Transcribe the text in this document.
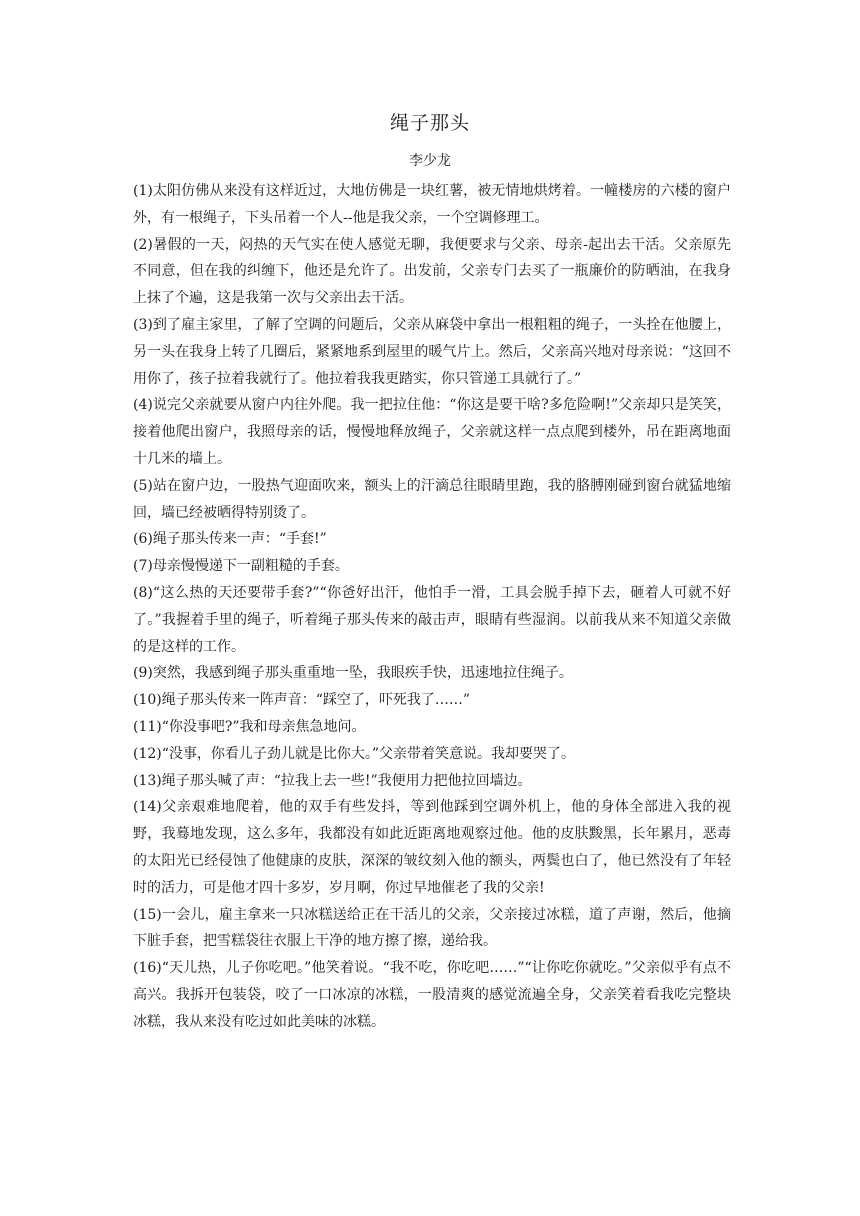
绳子那头
李少龙

(1)太阳仿佛从来没有这样近过，大地仿佛是一块红薯，被无情地烘烤着。一幢楼房的六楼的窗户外，有一根绳子，下头吊着一个人--他是我父亲，一个空调修理工。

(2)暑假的一天，闷热的天气实在使人感觉无聊，我便要求与父亲、母亲-起出去干活。父亲原先不同意，但在我的纠缠下，他还是允许了。出发前，父亲专门去买了一瓶廉价的防晒油，在我身上抹了个遍，这是我第一次与父亲出去干活。

(3)到了雇主家里，了解了空调的问题后，父亲从麻袋中拿出一根粗粗的绳子，一头拴在他腰上，另一头在我身上转了几圈后，紧紧地系到屋里的暖气片上。然后，父亲高兴地对母亲说：“这回不用你了，孩子拉着我就行了。他拉着我我更踏实，你只管递工具就行了。”

(4)说完父亲就要从窗户内往外爬。我一把拉住他：“你这是要干啥?多危险啊!”父亲却只是笑笑，接着他爬出窗户，我照母亲的话，慢慢地释放绳子，父亲就这样一点点爬到楼外，吊在距离地面十几米的墙上。

(5)站在窗户边，一股热气迎面吹来，额头上的汗滴总往眼睛里跑，我的胳膊刚碰到窗台就猛地缩回，墙已经被晒得特别烫了。

(6)绳子那头传来一声：“手套!”

(7)母亲慢慢递下一副粗糙的手套。

(8)“这么热的天还要带手套?”“你爸好出汗，他怕手一滑，工具会脱手掉下去，砸着人可就不好了。”我握着手里的绳子，听着绳子那头传来的敲击声，眼睛有些湿润。以前我从来不知道父亲做的是这样的工作。

(9)突然，我感到绳子那头重重地一坠，我眼疾手快，迅速地拉住绳子。

(10)绳子那头传来一阵声音：“踩空了，吓死我了……”

(11)“你没事吧?”我和母亲焦急地问。

(12)“没事，你看儿子劲儿就是比你大。”父亲带着笑意说。我却要哭了。

(13)绳子那头喊了声：“拉我上去一些!”我便用力把他拉回墙边。

(14)父亲艰难地爬着，他的双手有些发抖，等到他踩到空调外机上，他的身体全部进入我的视野，我蓦地发现，这么多年，我都没有如此近距离地观察过他。他的皮肤黢黑，长年累月，恶毒的太阳光已经侵蚀了他健康的皮肤，深深的皱纹刻入他的额头，两鬓也白了，他已然没有了年轻时的活力，可是他才四十多岁，岁月啊，你过早地催老了我的父亲!

(15)一会儿，雇主拿来一只冰糕送给正在干活儿的父亲，父亲接过冰糕，道了声谢，然后，他摘下脏手套，把雪糕袋往衣服上干净的地方擦了擦，递给我。

(16)“天儿热，儿子你吃吧。”他笑着说。“我不吃，你吃吧……”“让你吃你就吃。”父亲似乎有点不高兴。我拆开包装袋，咬了一口冰凉的冰糕，一股清爽的感觉流遍全身，父亲笑着看我吃完整块冰糕，我从来没有吃过如此美味的冰糕。
